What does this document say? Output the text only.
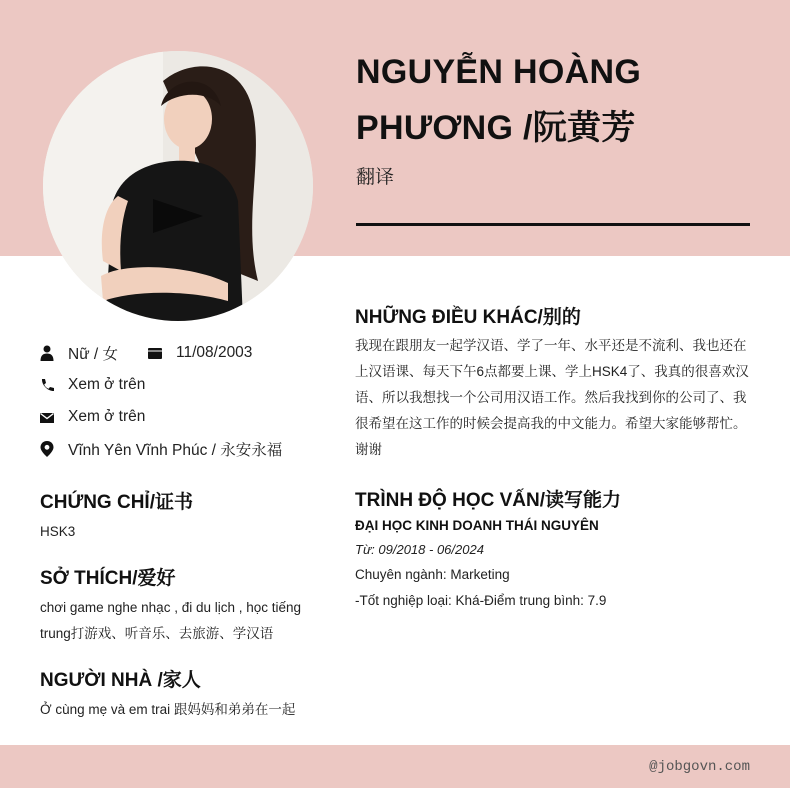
NGUYỄN HOÀNG PHƯƠNG /阮黄芳
翻译
Nữ / 女	11/08/2003
Xem ở trên
Xem ở trên
Vĩnh Yên Vĩnh Phúc / 永安永福
CHỨNG CHỈ/证书
HSK3
SỞ THÍCH/爱好
chơi game nghe nhạc , đi du lịch , học tiếng trung打游戏、听音乐、去旅游、学汉语
NGƯỜI NHÀ /家人
Ở cùng mẹ và em trai 跟妈妈和弟弟在一起
NHỮNG ĐIỀU KHÁC/别的
我现在跟朋友一起学汉语、学了一年、水平还是不流利、我也还在上汉语课、每天下午6点都要上课、学上HSK4了、我真的很喜欢汉语、所以我想找一个公司用汉语工作。然后我找到你的公司了、我很希望在这工作的时候会提高我的中文能力。希望大家能够帮忙。谢谢
TRÌNH ĐỘ HỌC VẤN/读写能力
ĐẠI HỌC KINH DOANH THÁI NGUYÊN
Từ: 09/2018 - 06/2024
Chuyên ngành: Marketing
-Tốt nghiệp loại: Khá-Điểm trung bình: 7.9
@jobgovn.com
